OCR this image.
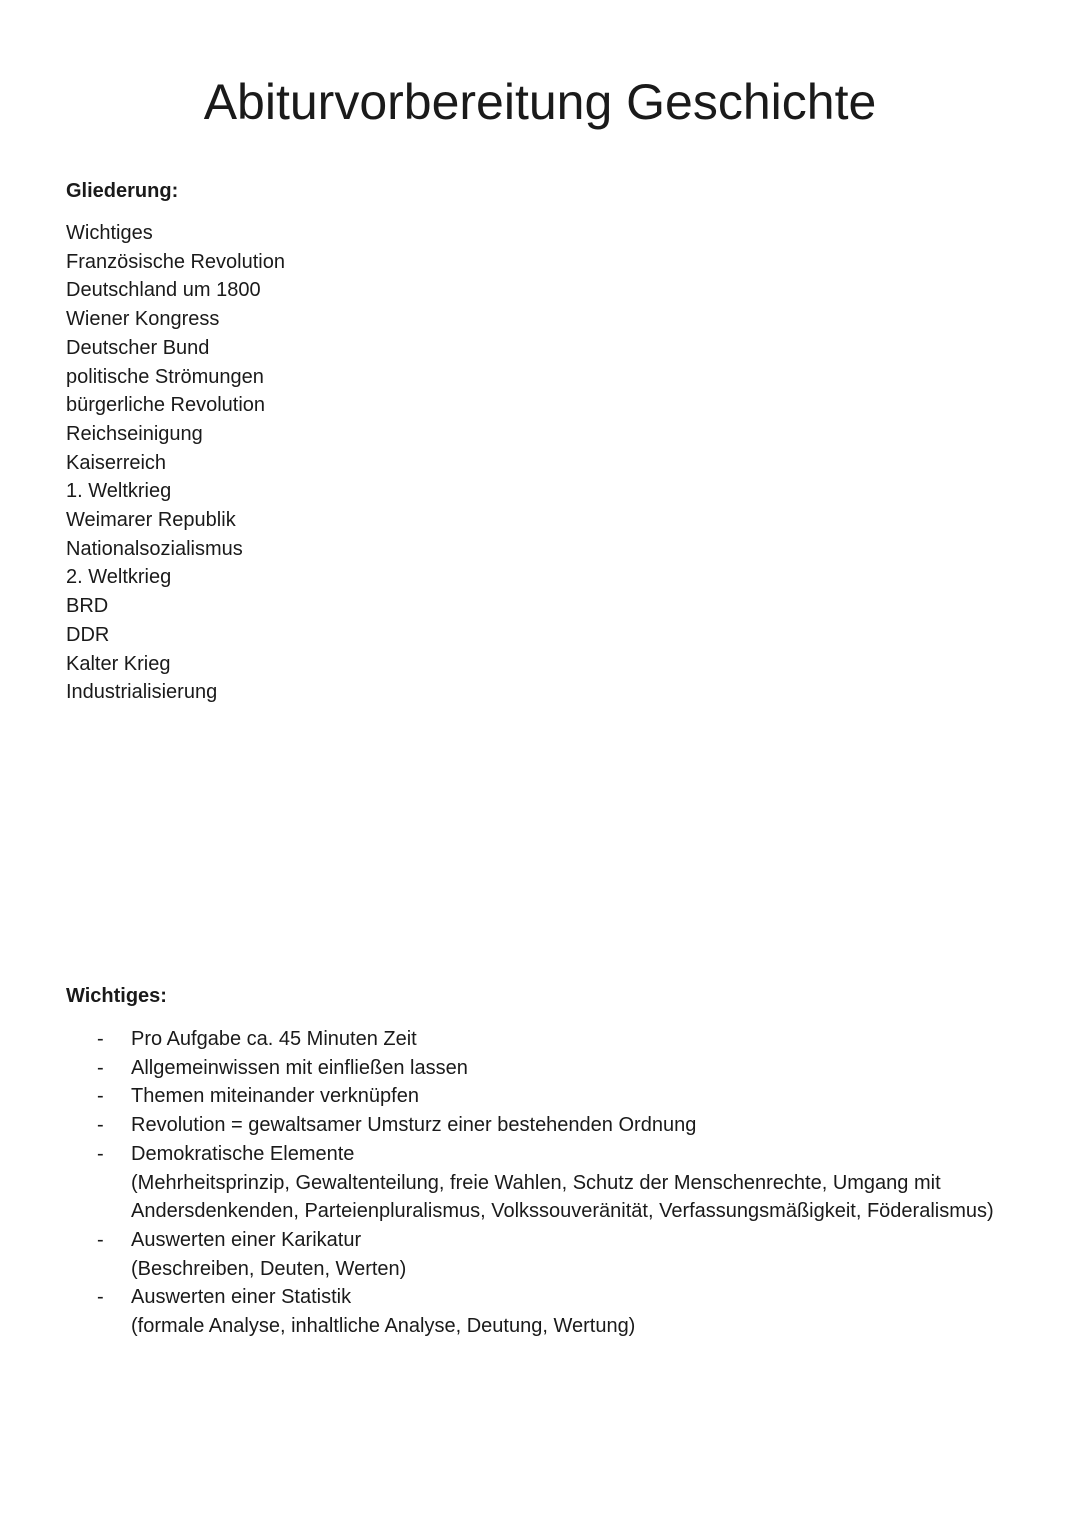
Abiturvorbereitung Geschichte
Gliederung:
Wichtiges
Französische Revolution
Deutschland um 1800
Wiener Kongress
Deutscher Bund
politische Strömungen
bürgerliche Revolution
Reichseinigung
Kaiserreich
1. Weltkrieg
Weimarer Republik
Nationalsozialismus
2. Weltkrieg
BRD
DDR
Kalter Krieg
Industrialisierung
Wichtiges:
- Pro Aufgabe ca. 45 Minuten Zeit
- Allgemeinwissen mit einfließen lassen
- Themen miteinander verknüpfen
- Revolution = gewaltsamer Umsturz einer bestehenden Ordnung
- Demokratische Elemente
(Mehrheitsprinzip, Gewaltenteilung, freie Wahlen, Schutz der Menschenrechte, Umgang mit
Andersdenkenden, Parteienpluralismus, Volkssouveränität, Verfassungsmäßigkeit, Föderalismus)
- Auswerten einer Karikatur
(Beschreiben, Deuten, Werten)
- Auswerten einer Statistik
(formale Analyse, inhaltliche Analyse, Deutung, Wertung)
